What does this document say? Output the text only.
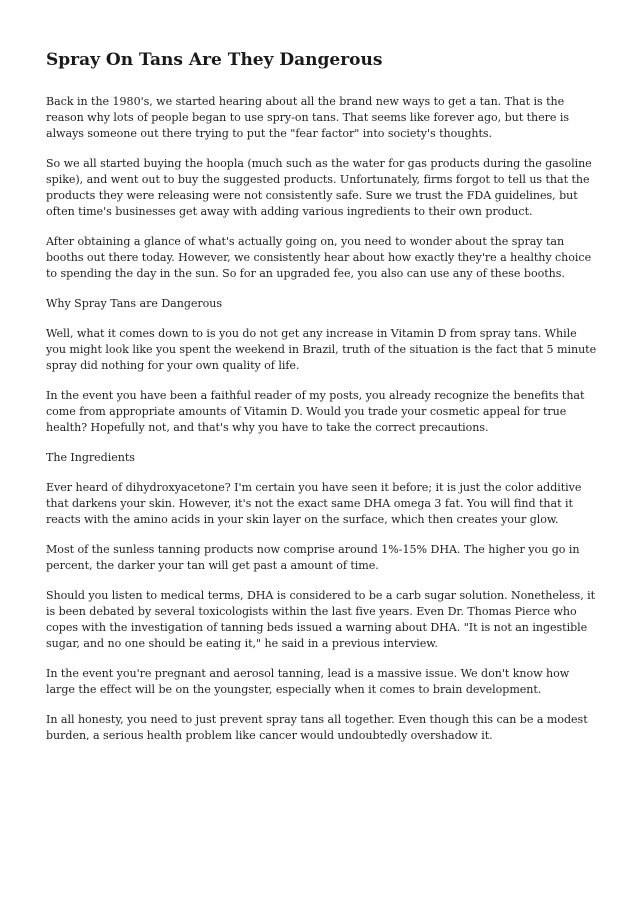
Spray On Tans Are They Dangerous

Back in the 1980's, we started hearing about all the brand new ways to get a tan. That is the reason why lots of people began to use spry-on tans. That seems like forever ago, but there is always someone out there trying to put the "fear factor" into society's thoughts.

So we all started buying the hoopla (much such as the water for gas products during the gasoline spike), and went out to buy the suggested products. Unfortunately, firms forgot to tell us that the products they were releasing were not consistently safe. Sure we trust the FDA guidelines, but often time's businesses get away with adding various ingredients to their own product.

After obtaining a glance of what's actually going on, you need to wonder about the spray tan booths out there today. However, we consistently hear about how exactly they're a healthy choice to spending the day in the sun. So for an upgraded fee, you also can use any of these booths.

Why Spray Tans are Dangerous

Well, what it comes down to is you do not get any increase in Vitamin D from spray tans. While you might look like you spent the weekend in Brazil, truth of the situation is the fact that 5 minute spray did nothing for your own quality of life.

In the event you have been a faithful reader of my posts, you already recognize the benefits that come from appropriate amounts of Vitamin D. Would you trade your cosmetic appeal for true health? Hopefully not, and that's why you have to take the correct precautions.

The Ingredients

Ever heard of dihydroxyacetone? I'm certain you have seen it before; it is just the color additive that darkens your skin. However, it's not the exact same DHA omega 3 fat. You will find that it reacts with the amino acids in your skin layer on the surface, which then creates your glow.

Most of the sunless tanning products now comprise around 1%-15% DHA. The higher you go in percent, the darker your tan will get past a amount of time.

Should you listen to medical terms, DHA is considered to be a carb sugar solution. Nonetheless, it is been debated by several toxicologists within the last five years. Even Dr. Thomas Pierce who copes with the investigation of tanning beds issued a warning about DHA. "It is not an ingestible sugar, and no one should be eating it," he said in a previous interview.

In the event you're pregnant and aerosol tanning, lead is a massive issue. We don't know how large the effect will be on the youngster, especially when it comes to brain development.

In all honesty, you need to just prevent spray tans all together. Even though this can be a modest burden, a serious health problem like cancer would undoubtedly overshadow it.
